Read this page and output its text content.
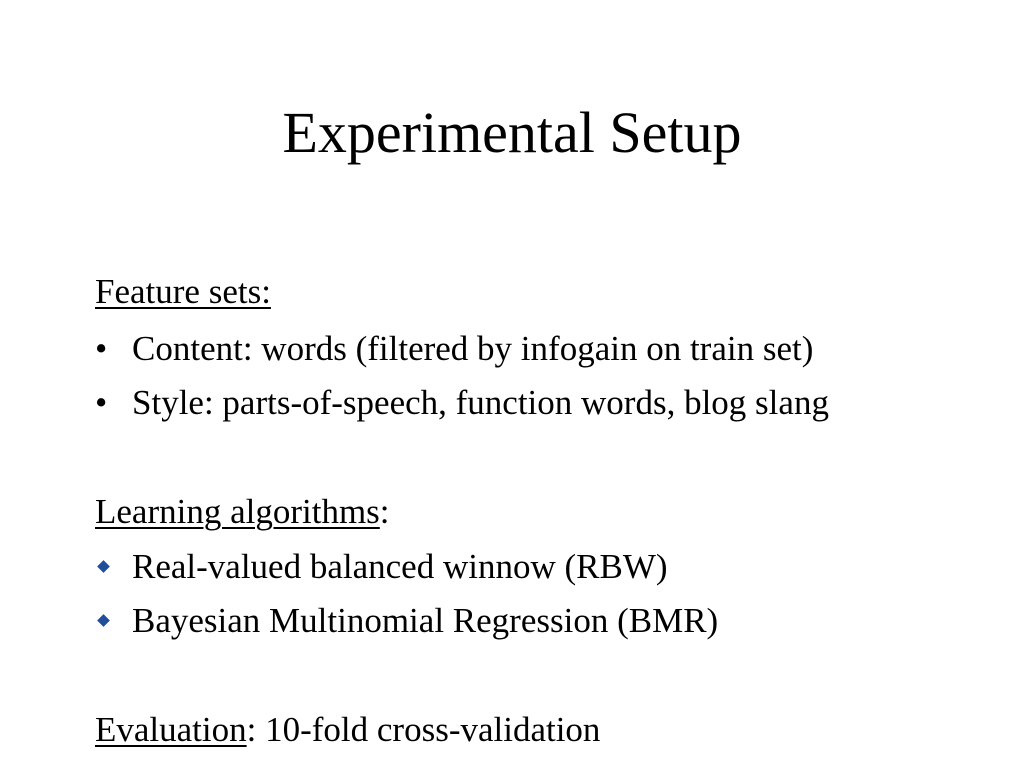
Experimental Setup
Feature sets:
• Content: words (filtered by infogain on train set)
• Style: parts-of-speech, function words, blog slang
Learning algorithms:
Real-valued balanced winnow (RBW)
Bayesian Multinomial Regression (BMR)
Evaluation: 10-fold cross-validation
